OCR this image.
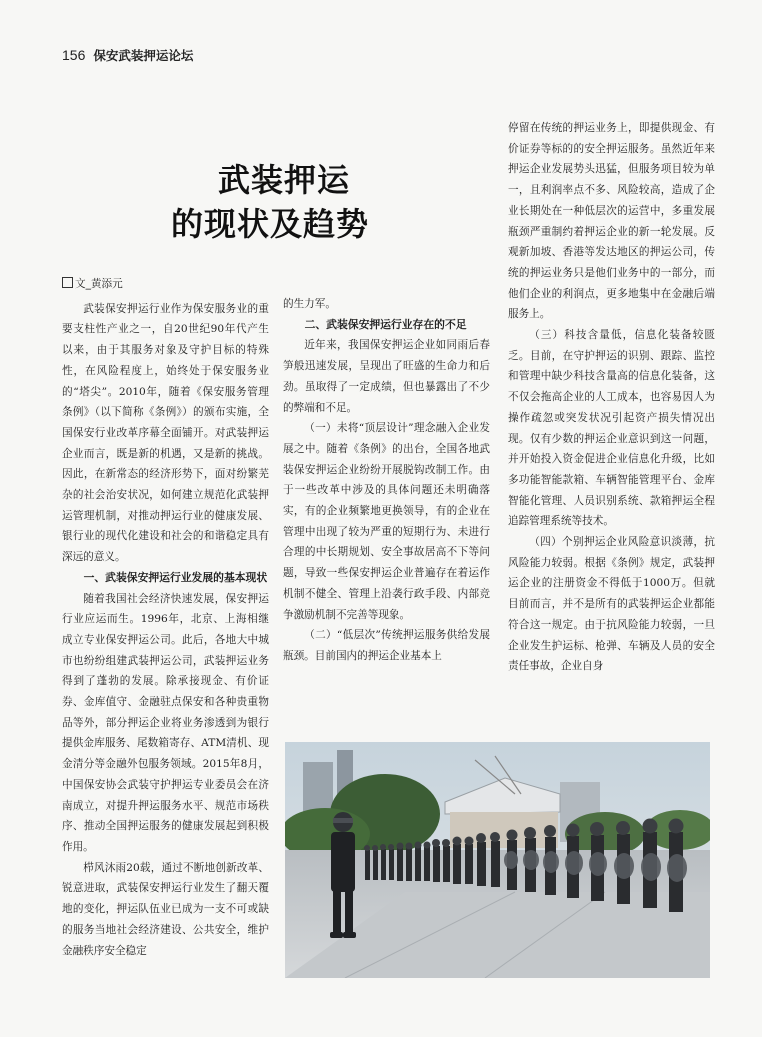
156 保安武装押运论坛
武装押运
的现状及趋势
文_黄添元

武装保安押运行业作为保安服务业的重要支柱性产业之一，自20世纪90年代产生以来，由于其服务对象及守护目标的特殊性，在风险程度上，始终处于保安服务业的“塔尖”。2010年，随着《保安服务管理条例》（以下简称《条例》）的颁布实施，全国保安行业改革序幕全面铺开。对武装押运企业而言，既是新的机遇，又是新的挑战。因此，在新常态的经济形势下，面对纷繁芜杂的社会治安状况，如何建立规范化武装押运管理机制，对推动押运行业的健康发展、银行业的现代化建设和社会的和谐稳定具有深远的意义。

一、武装保安押运行业发展的基本现状

随着我国社会经济快速发展，保安押运行业应运而生。1996年，北京、上海相继成立专业保安押运公司。此后，各地大中城市也纷纷组建武装押运公司，武装押运业务得到了蓬勃的发展。除承接现金、有价证券、金库值守、金融驻点保安和各种贵重物品等外，部分押运企业将业务渗透到为银行提供金库服务、尾数箱寄存、ATM清机、现金清分等金融外包服务领域。2015年8月，中国保安协会武装守护押运专业委员会在济南成立，对提升押运服务水平、规范市场秩序、推动全国押运服务的健康发展起到积极作用。

栉风沐雨20载，通过不断地创新改革、锐意进取，武装保安押运行业发生了翻天覆地的变化，押运队伍业已成为一支不可或缺的服务当地社会经济建设、公共安全，维护金融秩序安全稳定

的生力军。

二、武装保安押运行业存在的不足

近年来，我国保安押运企业如同雨后春笋般迅速发展，呈现出了旺盛的生命力和后劲。虽取得了一定成绩，但也暴露出了不少的弊端和不足。

（一）未将“顶层设计”理念融入企业发展之中。随着《条例》的出台，全国各地武装保安押运企业纷纷开展脱钩改制工作。由于一些改革中涉及的具体问题还未明确落实，有的企业频繁地更换领导，有的企业在管理中出现了较为严重的短期行为、未进行合理的中长期规划、安全事故居高不下等问题，导致一些保安押运企业普遍存在着运作机制不健全、管理上沿袭行政手段、内部竞争激励机制不完善等现象。

（二）“低层次”传统押运服务供给发展瓶颈。目前国内的押运企业基本上

停留在传统的押运业务上，即提供现金、有价证券等标的的安全押运服务。虽然近年来押运企业发展势头迅猛，但服务项目较为单一，且利润率点不多、风险较高，造成了企业长期处在一种低层次的运营中，多重发展瓶颈严重制约着押运企业的新一轮发展。反观新加坡、香港等发达地区的押运公司，传统的押运业务只是他们业务中的一部分，而他们企业的利润点，更多地集中在金融后端服务上。

（三）科技含量低，信息化装备较匮乏。目前，在守护押运的识别、跟踪、监控和管理中缺少科技含量高的信息化装备，这不仅会拖高企业的人工成本，也容易因人为操作疏忽或突发状况引起资产损失情况出现。仅有少数的押运企业意识到这一问题，并开始投入资金促进企业信息化升级，比如多功能智能款箱、车辆智能管理平台、金库智能化管理、人员识别系统、款箱押运全程追踪管理系统等技术。

（四）个别押运企业风险意识淡薄，抗风险能力较弱。根据《条例》规定，武装押运企业的注册资金不得低于1000万。但就目前而言，并不是所有的武装押运企业都能符合这一规定。由于抗风险能力较弱，一旦企业发生护运标、枪弹、车辆及人员的安全责任事故，企业自身
